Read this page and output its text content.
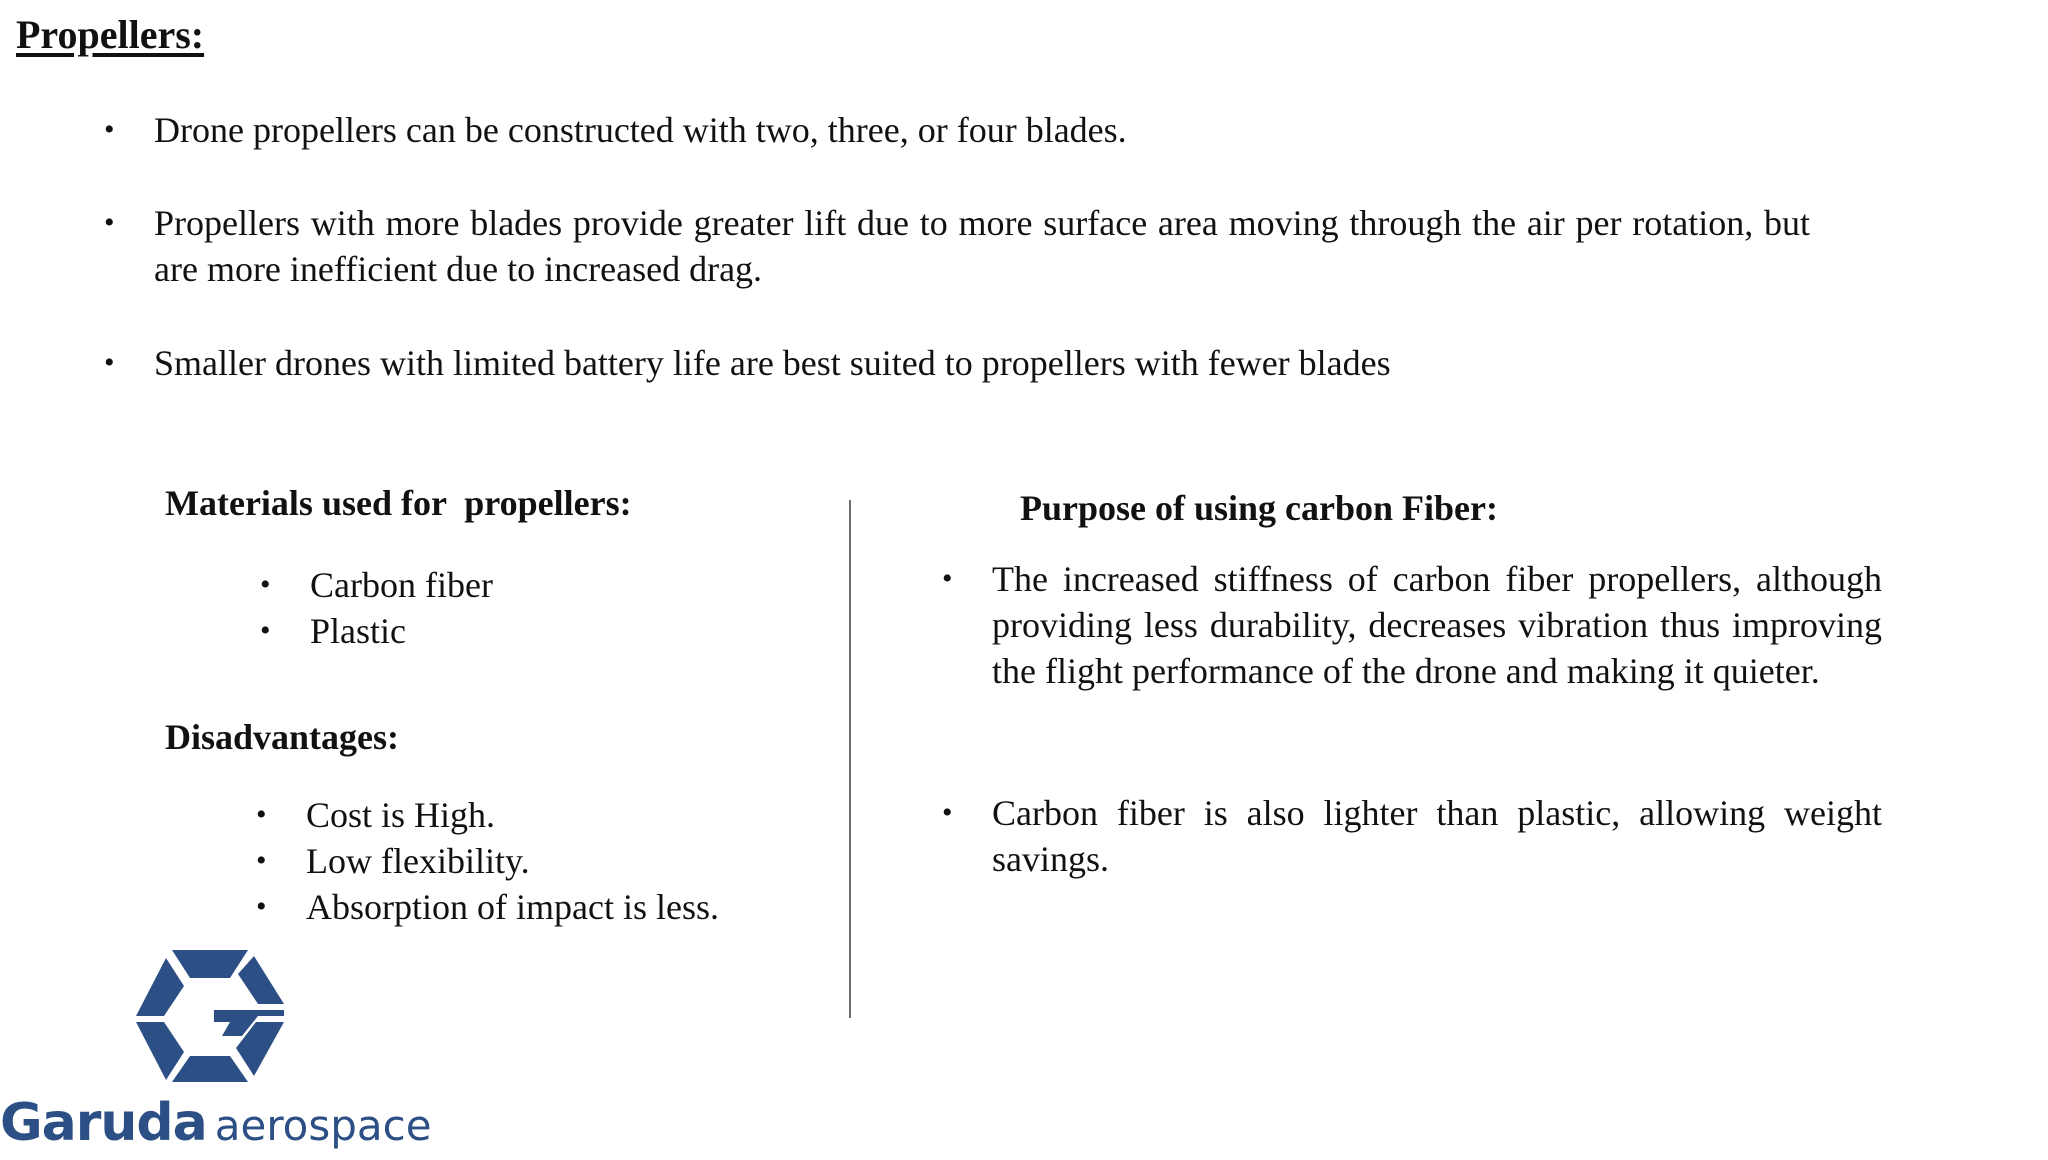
Propellers:
• Drone propellers can be constructed with two, three, or four blades.
• Propellers with more blades provide greater lift due to more surface area moving through the air per rotation, but are more inefficient due to increased drag.
• Smaller drones with limited battery life are best suited to propellers with fewer blades
Materials used for  propellers:
• Carbon fiber
• Plastic
Disadvantages:
• Cost is High.
• Low flexibility.
• Absorption of impact is less.
Purpose of using carbon Fiber:
• The increased stiffness of carbon fiber propellers, although providing less durability, decreases vibration thus improving the flight performance of the drone and making it quieter.
• Carbon fiber is also lighter than plastic, allowing weight savings.
Garuda aerospace
